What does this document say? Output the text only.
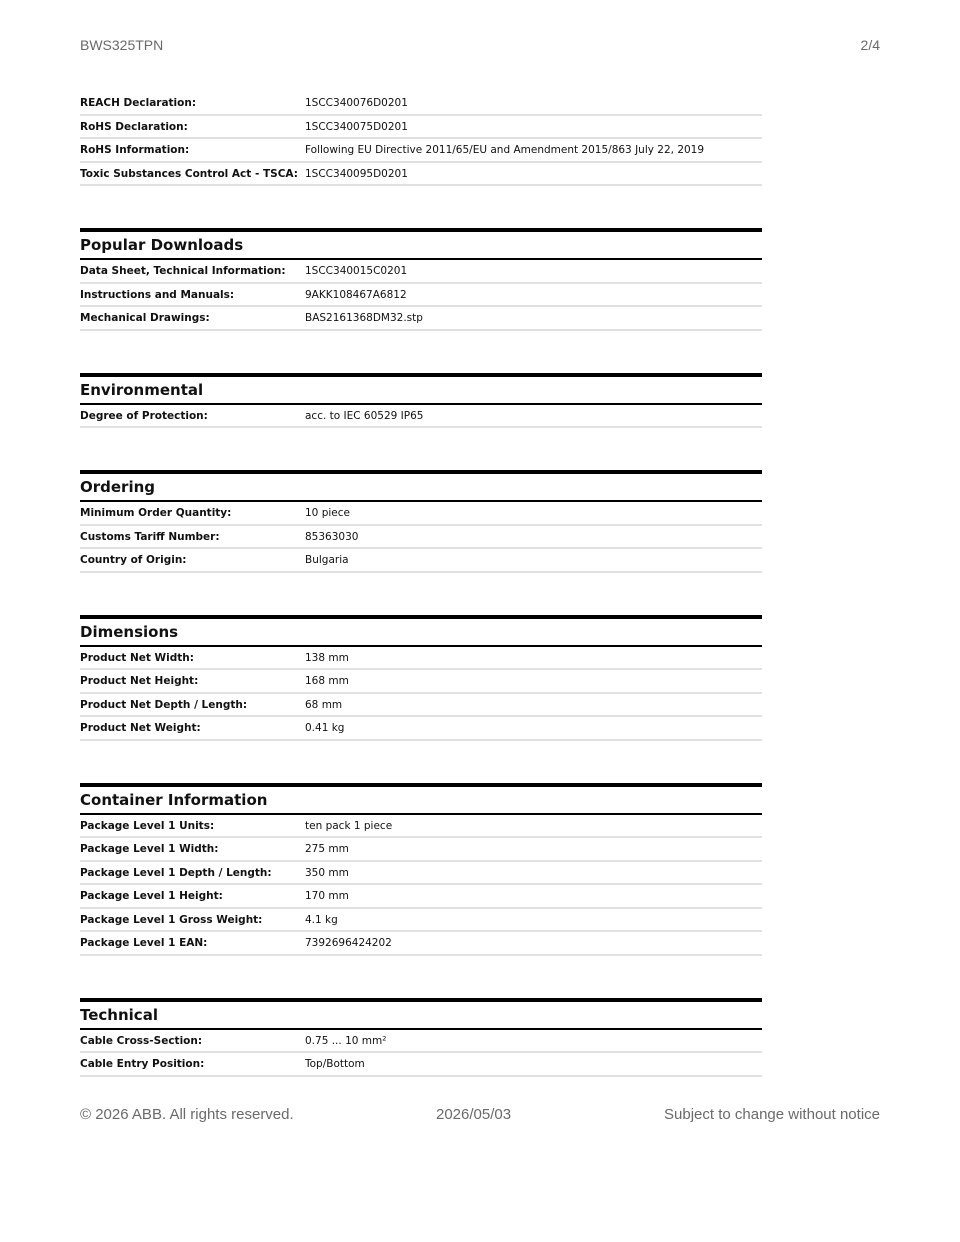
BWS325TPN	2/4
REACH Declaration:	1SCC340076D0201
RoHS Declaration:	1SCC340075D0201
RoHS Information:	Following EU Directive 2011/65/EU and Amendment 2015/863 July 22, 2019
Toxic Substances Control Act - TSCA: 1SCC340095D0201
Popular Downloads
Data Sheet, Technical Information: 1SCC340015C0201
Instructions and Manuals:	9AKK108467A6812
Mechanical Drawings:	BAS2161368DM32.stp
Environmental
Degree of Protection:	acc. to IEC 60529 IP65
Ordering
Minimum Order Quantity:	10 piece
Customs Tariff Number:	85363030
Country of Origin:	Bulgaria
Dimensions
Product Net Width:	138 mm
Product Net Height:	168 mm
Product Net Depth / Length:	68 mm
Product Net Weight:	0.41 kg
Container Information
Package Level 1 Units:	ten pack 1 piece
Package Level 1 Width:	275 mm
Package Level 1 Depth / Length:	350 mm
Package Level 1 Height:	170 mm
Package Level 1 Gross Weight:	4.1 kg
Package Level 1 EAN:	7392696424202
Technical
Cable Cross-Section:	0.75 ... 10 mm²
Cable Entry Position:	Top/Bottom
© 2026 ABB. All rights reserved.	2026/05/03	Subject to change without notice
